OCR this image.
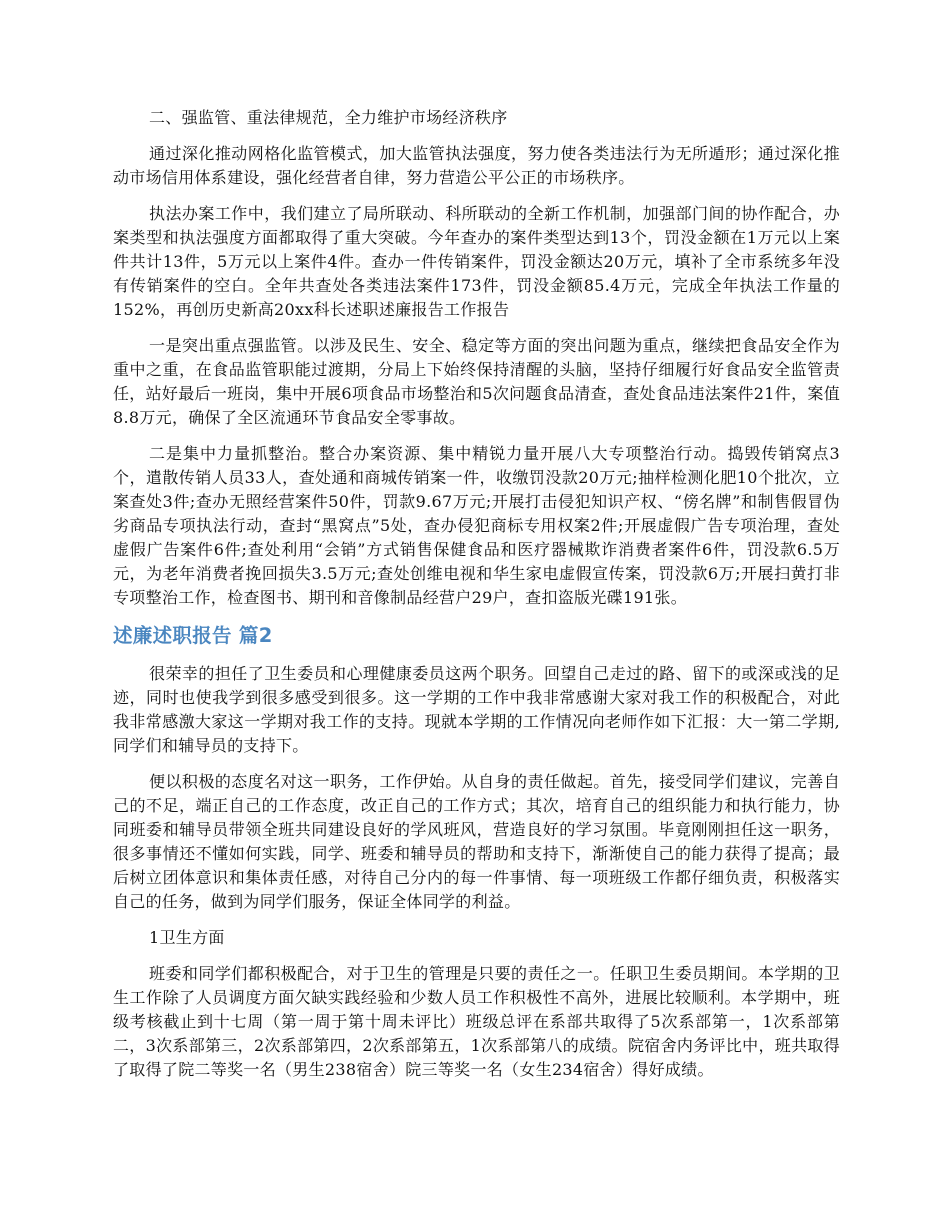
二、强监管、重法律规范，全力维护市场经济秩序

通过深化推动网格化监管模式，加大监管执法强度，努力使各类违法行为无所遁形；通过深化推动市场信用体系建设，强化经营者自律，努力营造公平公正的市场秩序。

执法办案工作中，我们建立了局所联动、科所联动的全新工作机制，加强部门间的协作配合，办案类型和执法强度方面都取得了重大突破。今年查办的案件类型达到13个，罚没金额在1万元以上案件共计13件，5万元以上案件4件。查办一件传销案件，罚没金额达20万元，填补了全市系统多年没有传销案件的空白。全年共查处各类违法案件173件，罚没金额85.4万元，完成全年执法工作量的152%，再创历史新高20xx科长述职述廉报告工作报告

一是突出重点强监管。以涉及民生、安全、稳定等方面的突出问题为重点，继续把食品安全作为重中之重，在食品监管职能过渡期，分局上下始终保持清醒的头脑，坚持仔细履行好食品安全监管责任，站好最后一班岗，集中开展6项食品市场整治和5次问题食品清查，查处食品违法案件21件，案值8.8万元，确保了全区流通环节食品安全零事故。

二是集中力量抓整治。整合办案资源、集中精锐力量开展八大专项整治行动。捣毁传销窝点3个，遣散传销人员33人，查处通和商城传销案一件，收缴罚没款20万元;抽样检测化肥10个批次，立案查处3件;查办无照经营案件50件，罚款9.67万元;开展打击侵犯知识产权、“傍名牌”和制售假冒伪劣商品专项执法行动，查封“黑窝点”5处，查办侵犯商标专用权案2件;开展虚假广告专项治理，查处虚假广告案件6件;查处利用“会销”方式销售保健食品和医疗器械欺诈消费者案件6件，罚没款6.5万元，为老年消费者挽回损失3.5万元;查处创维电视和华生家电虚假宣传案，罚没款6万;开展扫黄打非专项整治工作，检查图书、期刊和音像制品经营户29户，查扣盗版光碟191张。

述廉述职报告 篇2

很荣幸的担任了卫生委员和心理健康委员这两个职务。回望自己走过的路、留下的或深或浅的足迹，同时也使我学到很多感受到很多。这一学期的工作中我非常感谢大家对我工作的积极配合，对此我非常感激大家这一学期对我工作的支持。现就本学期的工作情况向老师作如下汇报：大一第二学期,同学们和辅导员的支持下。

便以积极的态度名对这一职务，工作伊始。从自身的责任做起。首先，接受同学们建议，完善自己的不足，端正自己的工作态度，改正自己的工作方式；其次，培育自己的组织能力和执行能力，协同班委和辅导员带领全班共同建设良好的学风班风，营造良好的学习氛围。毕竟刚刚担任这一职务，很多事情还不懂如何实践，同学、班委和辅导员的帮助和支持下，渐渐使自己的能力获得了提高；最后树立团体意识和集体责任感，对待自己分内的每一件事情、每一项班级工作都仔细负责，积极落实自己的任务，做到为同学们服务，保证全体同学的利益。

1卫生方面

班委和同学们都积极配合，对于卫生的管理是只要的责任之一。任职卫生委员期间。本学期的卫生工作除了人员调度方面欠缺实践经验和少数人员工作积极性不高外，进展比较顺利。本学期中，班级考核截止到十七周（第一周于第十周未评比）班级总评在系部共取得了5次系部第一，1次系部第二，3次系部第三，2次系部第四，2次系部第五，1次系部第八的成绩。院宿舍内务评比中，班共取得了取得了院二等奖一名（男生238宿舍）院三等奖一名（女生234宿舍）得好成绩。
